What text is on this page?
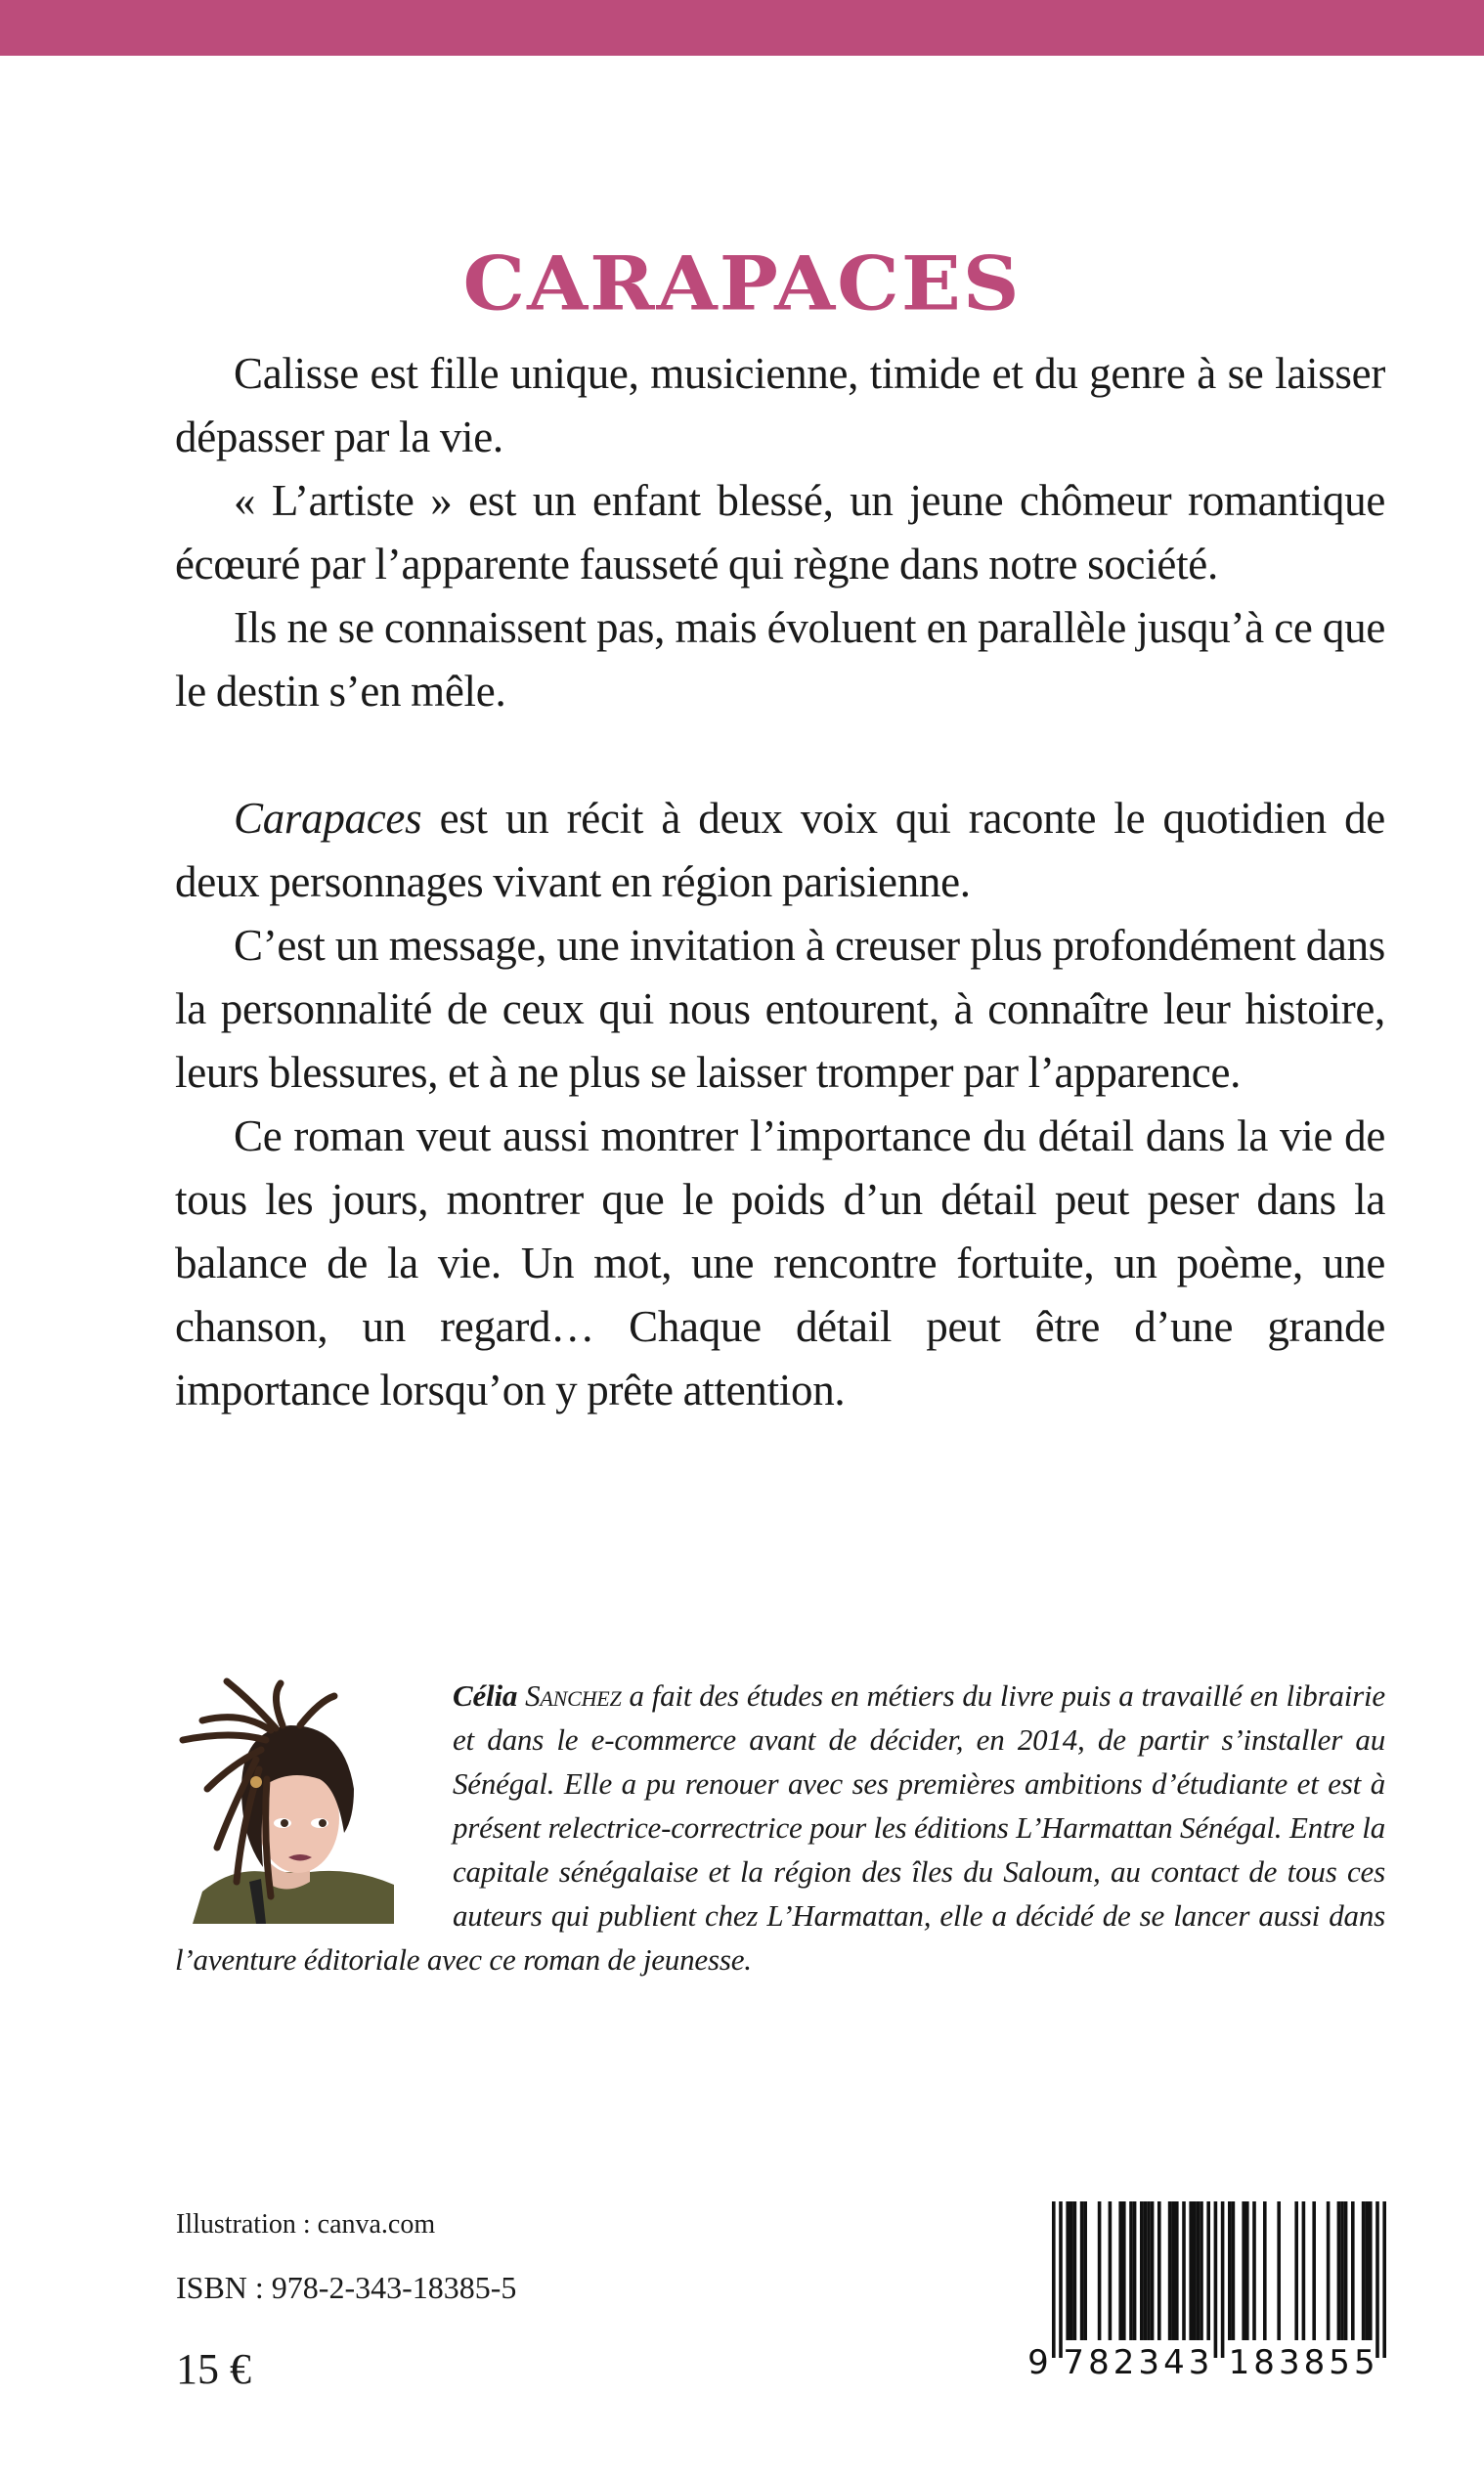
CARAPACES

Calisse est fille unique, musicienne, timide et du genre à se laisser dépasser par la vie.

« L’artiste » est un enfant blessé, un jeune chômeur romantique écœuré par l’apparente fausseté qui règne dans notre société.

Ils ne se connaissent pas, mais évoluent en parallèle jusqu’à ce que le destin s’en mêle.

Carapaces est un récit à deux voix qui raconte le quotidien de deux personnages vivant en région parisienne.

C’est un message, une invitation à creuser plus profondément dans la personnalité de ceux qui nous entourent, à connaître leur histoire, leurs blessures, et à ne plus se laisser tromper par l’apparence.

Ce roman veut aussi montrer l’importance du détail dans la vie de tous les jours, montrer que le poids d’un détail peut peser dans la balance de la vie. Un mot, une rencontre fortuite, un poème, une chanson, un regard… Chaque détail peut être d’une grande importance lorsqu’on y prête attention.

Célia Sanchez a fait des études en métiers du livre puis a travaillé en librairie et dans le e-commerce avant de décider, en 2014, de partir s’installer au Sénégal. Elle a pu renouer avec ses premières ambitions d’étudiante et est à présent relectrice-correctrice pour les éditions L’Harmattan Sénégal. Entre la capitale sénégalaise et la région des îles du Saloum, au contact de tous ces auteurs qui publient chez L’Harmattan, elle a décidé de se lancer aussi dans l’aventure éditoriale avec ce roman de jeunesse.

Illustration : canva.com
ISBN : 978-2-343-18385-5
15 €	9 782343 183855
